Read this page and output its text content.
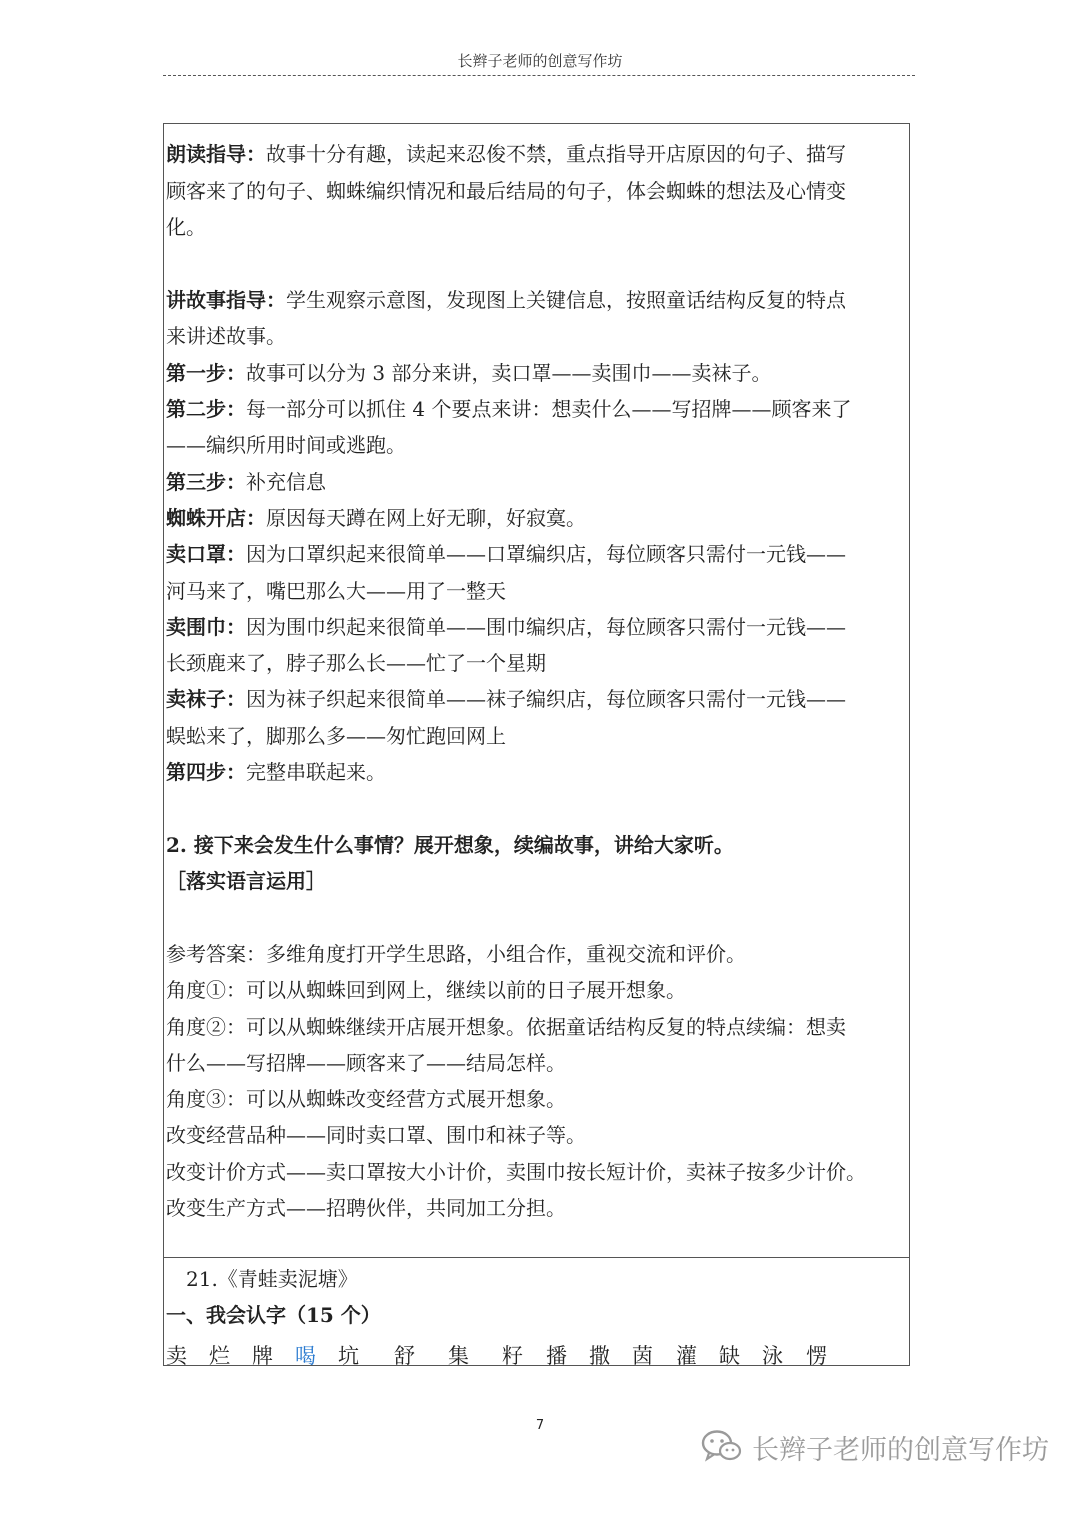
长辫子老师的创意写作坊
朗读指导：故事十分有趣，读起来忍俊不禁，重点指导开店原因的句子、描写
顾客来了的句子、蜘蛛编织情况和最后结局的句子，体会蜘蛛的想法及心情变
化。
讲故事指导：学生观察示意图，发现图上关键信息，按照童话结构反复的特点
来讲述故事。
第一步：故事可以分为 3 部分来讲，卖口罩——卖围巾——卖袜子。
第二步：每一部分可以抓住 4 个要点来讲：想卖什么——写招牌——顾客来了
——编织所用时间或逃跑。
第三步：补充信息
蜘蛛开店：原因每天蹲在网上好无聊，好寂寞。
卖口罩：因为口罩织起来很简单——口罩编织店，每位顾客只需付一元钱——
河马来了，嘴巴那么大——用了一整天
卖围巾：因为围巾织起来很简单——围巾编织店，每位顾客只需付一元钱——
长颈鹿来了，脖子那么长——忙了一个星期
卖袜子：因为袜子织起来很简单——袜子编织店，每位顾客只需付一元钱——
蜈蚣来了，脚那么多——匆忙跑回网上
第四步：完整串联起来。
2. 接下来会发生什么事情？展开想象，续编故事，讲给大家听。
［落实语言运用］
参考答案：多维角度打开学生思路，小组合作，重视交流和评价。
角度①：可以从蜘蛛回到网上，继续以前的日子展开想象。
角度②：可以从蜘蛛继续开店展开想象。依据童话结构反复的特点续编：想卖
什么——写招牌——顾客来了——结局怎样。
角度③：可以从蜘蛛改变经营方式展开想象。
改变经营品种——同时卖口罩、围巾和袜子等。
改变计价方式——卖口罩按大小计价，卖围巾按长短计价，卖袜子按多少计价。
改变生产方式——招聘伙伴，共同加工分担。
21.《青蛙卖泥塘》
一、我会认字（15 个）
卖 烂 牌 喝 坑 舒 集 籽 播 撒 茵 灌 缺 泳 愣
7
长辫子老师的创意写作坊
